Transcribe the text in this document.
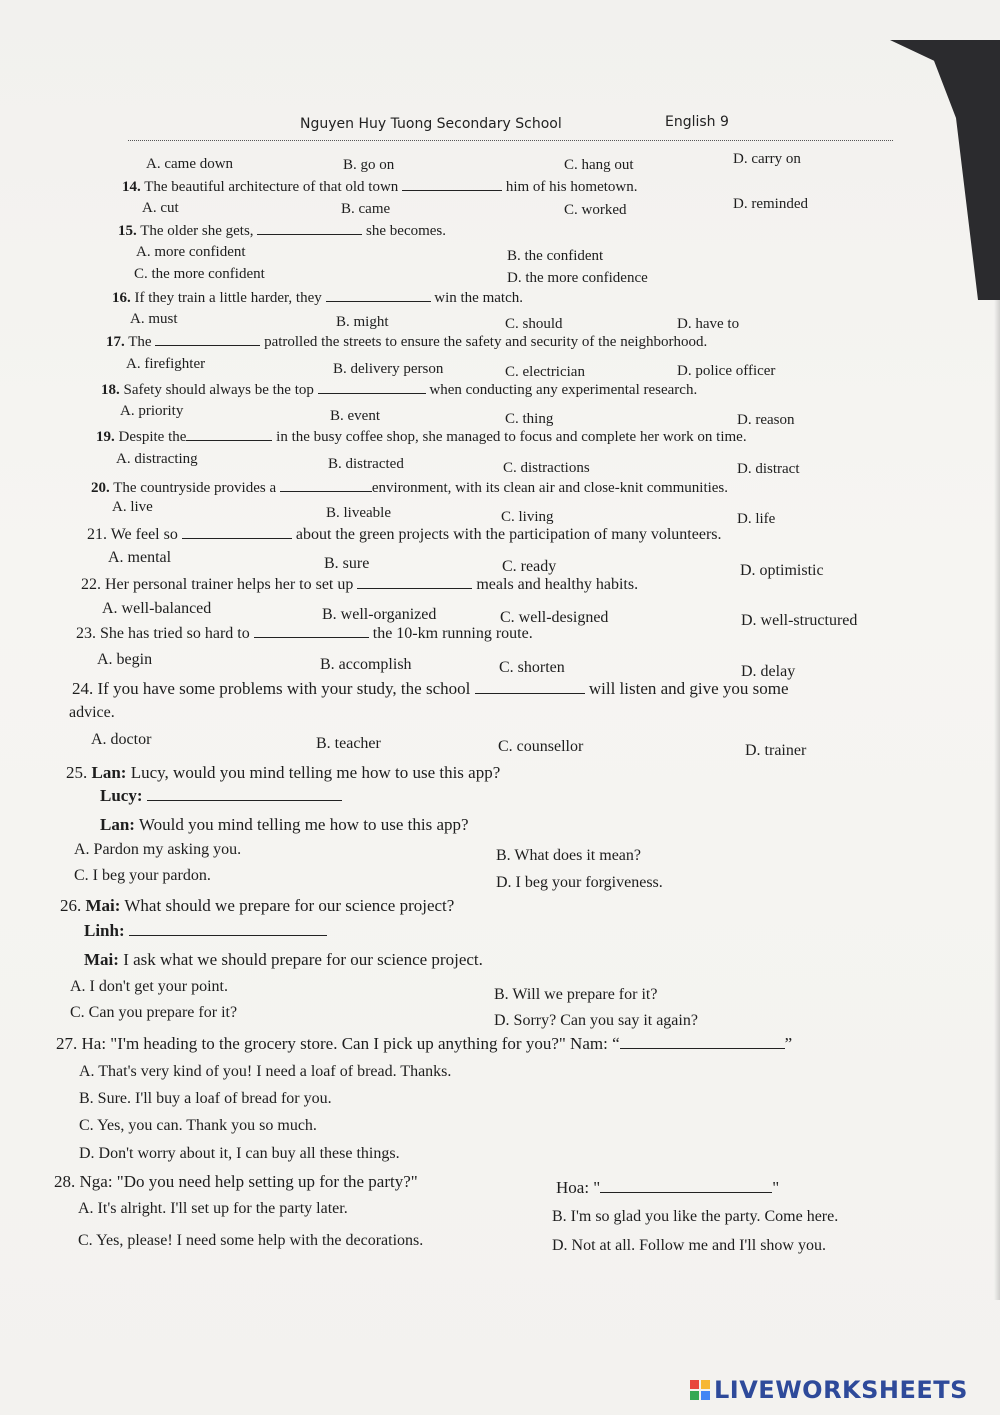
Nguyen Huy Tuong Secondary School	English 9
A. came down	B. go on	C. hang out	D. carry on
14. The beautiful architecture of that old town	him of his hometown.
A. cut	B. came	C. worked	D. reminded
15. The older she gets,	she becomes.
A. more confident	B. the confident
C. the more confident	D. the more confidence
16. If they train a little harder, they	win the match.
A. must	B. might	C. should	D. have to
17. The	patrolled the streets to ensure the safety and security of the neighborhood.
A. firefighter	B. delivery person	C. electrician	D. police officer
18. Safety should always be the top	when conducting any experimental research.
A. priority	B. event	C. thing	D. reason
19. Despite the	in the busy coffee shop, she managed to focus and complete her work on time.
A. distracting	B. distracted	C. distractions	D. distract
20. The countryside provides a	environment, with its clean air and close-knit communities.
A. live	B. liveable	C. living	D. life
21. We feel so	about the green projects with the participation of many volunteers.
A. mental	B. sure	C. ready	D. optimistic
22. Her personal trainer helps her to set up	meals and healthy habits.
A. well-balanced	B. well-organized	C. well-designed	D. well-structured
23. She has tried so hard to	the 10-km running route.
A. begin	B. accomplish	C. shorten	D. delay
24. If you have some problems with your study, the school	will listen and give you some
advice.
A. doctor	B. teacher	C. counsellor	D. trainer
25. Lan: Lucy, would you mind telling me how to use this app?
Lucy:
Lan: Would you mind telling me how to use this app?
A. Pardon my asking you.	B. What does it mean?
C. I beg your pardon.	D. I beg your forgiveness.
26. Mai: What should we prepare for our science project?
Linh:
Mai: I ask what we should prepare for our science project.
A. I don't get your point.	B. Will we prepare for it?
C. Can you prepare for it?	D. Sorry? Can you say it again?
27. Ha: "I'm heading to the grocery store. Can I pick up anything for you?" Nam: “	”
A. That's very kind of you! I need a loaf of bread. Thanks.
B. Sure. I'll buy a loaf of bread for you.
C. Yes, you can. Thank you so much.
D. Don't worry about it, I can buy all these things.
28. Nga: "Do you need help setting up for the party?"	Hoa: "	"
A. It's alright. I'll set up for the party later.	B. I'm so glad you like the party. Come here.
C. Yes, please! I need some help with the decorations.	D. Not at all. Follow me and I'll show you.
LIVEWORKSHEETS
